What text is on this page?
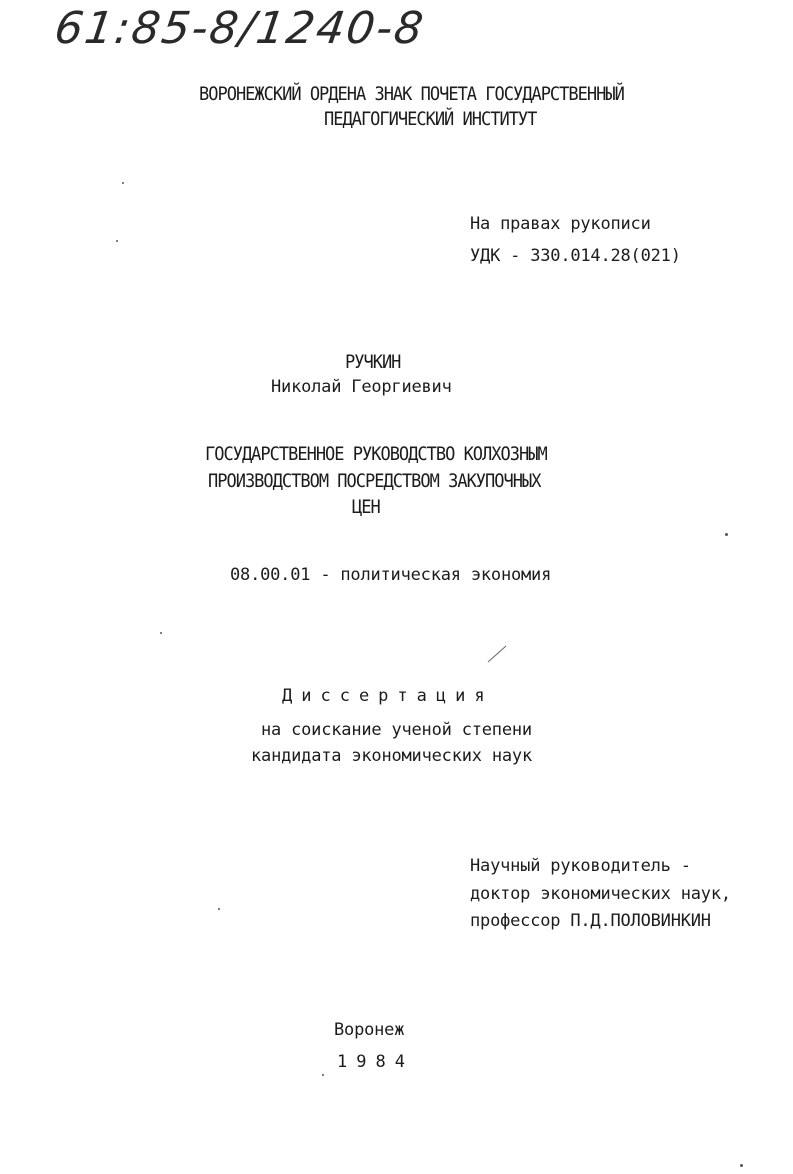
61:85-8/1240-8

ВОРОНЕЖСКИЙ ОРДЕНА ЗНАК ПОЧЕТА ГОСУДАРСТВЕННЫЙ

ПЕДАГОГИЧЕСКИЙ ИНСТИТУТ

На правах рукописи

УДК - 330.014.28(021)

РУЧКИН

Николай Георгиевич

ГОСУДАРСТВЕННОЕ РУКОВОДСТВО КОЛХОЗНЫМ

ПРОИЗВОДСТВОМ ПОСРЕДСТВОМ ЗАКУПОЧНЫХ

ЦЕН

08.00.01 - политическая экономия

Диссертация

на соискание ученой степени

кандидата экономических наук

Научный руководитель -

доктор экономических наук,

профессор П.Д.ПОЛОВИНКИН

Воронеж

1984
